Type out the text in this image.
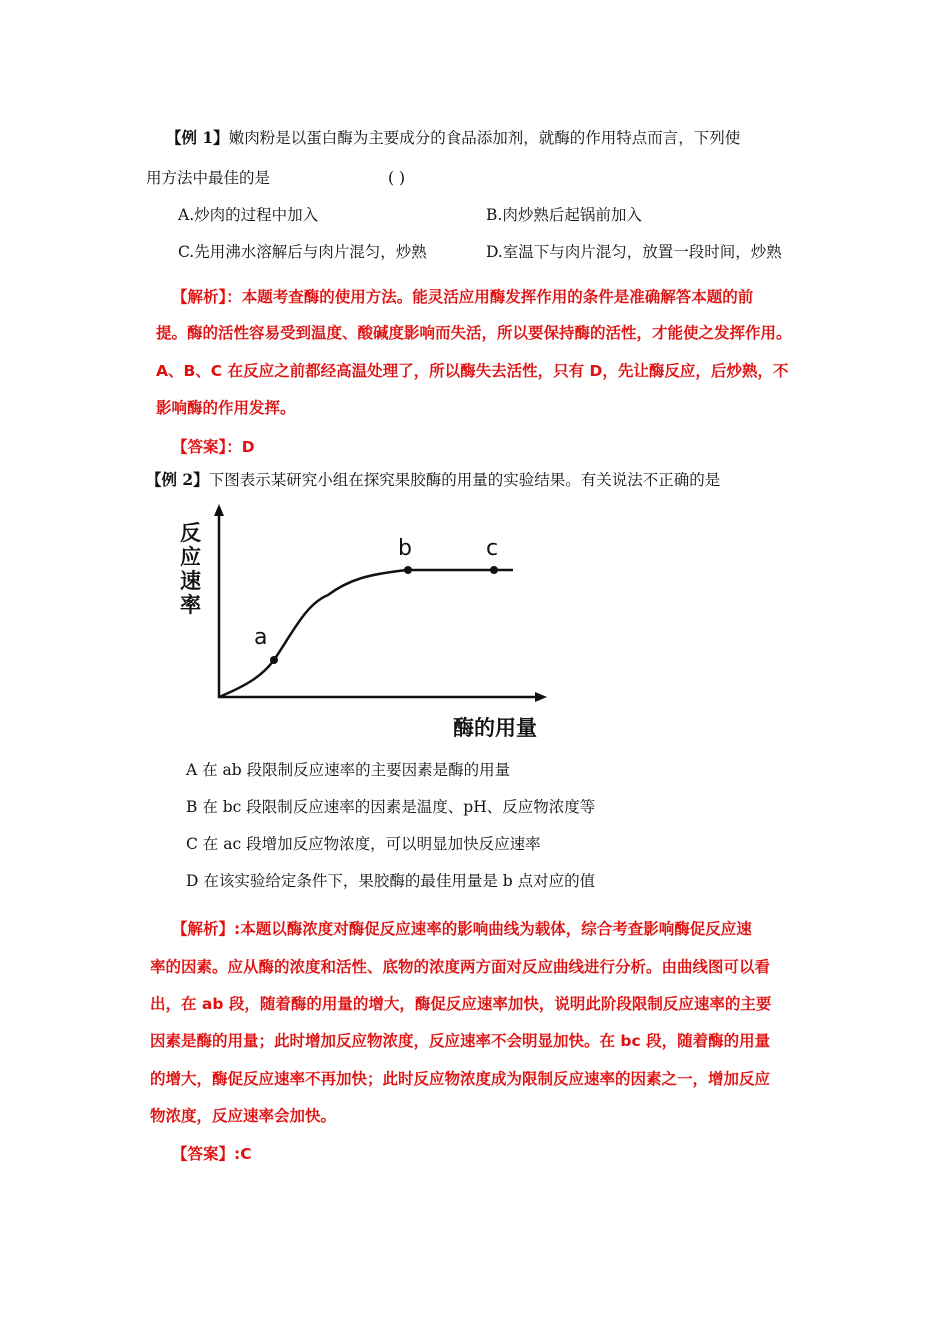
【例 1】嫩肉粉是以蛋白酶为主要成分的食品添加剂，就酶的作用特点而言，下列使
用方法中最佳的是	( )
A.炒肉的过程中加入	B.肉炒熟后起锅前加入
C.先用沸水溶解后与肉片混匀，炒熟	D.室温下与肉片混匀，放置一段时间，炒熟
【解析】：本题考查酶的使用方法。能灵活应用酶发挥作用的条件是准确解答本题的前
提。酶的活性容易受到温度、酸碱度影响而失活，所以要保持酶的活性，才能使之发挥作用。
A、B、C 在反应之前都经高温处理了，所以酶失去活性，只有 D，先让酶反应，后炒熟，不
影响酶的作用发挥。
【答案】：D
【例 2】下图表示某研究小组在探究果胶酶的用量的实验结果。有关说法不正确的是
反
应
速
率
a
b	c
酶的用量
A 在 ab 段限制反应速率的主要因素是酶的用量
B 在 bc 段限制反应速率的因素是温度、pH、反应物浓度等
C 在 ac 段增加反应物浓度，可以明显加快反应速率
D 在该实验给定条件下，果胶酶的最佳用量是 b 点对应的值
【解析】:本题以酶浓度对酶促反应速率的影响曲线为载体，综合考查影响酶促反应速
率的因素。应从酶的浓度和活性、底物的浓度两方面对反应曲线进行分析。由曲线图可以看
出，在 ab 段，随着酶的用量的增大，酶促反应速率加快，说明此阶段限制反应速率的主要
因素是酶的用量；此时增加反应物浓度，反应速率不会明显加快。在 bc 段，随着酶的用量
的增大，酶促反应速率不再加快；此时反应物浓度成为限制反应速率的因素之一，增加反应
物浓度，反应速率会加快。
【答案】:C
